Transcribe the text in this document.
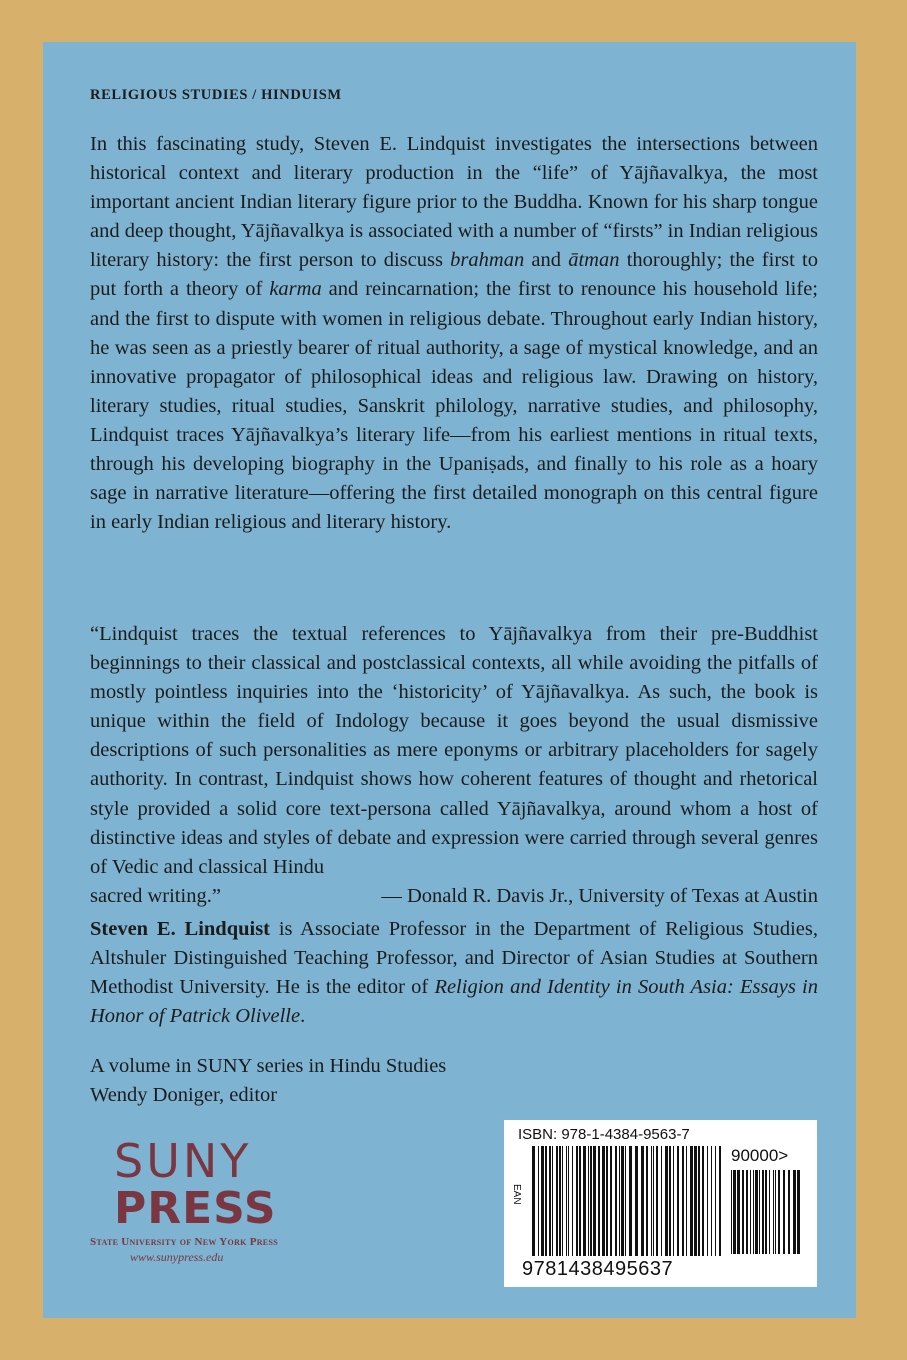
RELIGIOUS STUDIES / HINDUISM

In this fascinating study, Steven E. Lindquist investigates the intersections between historical context and literary production in the “life” of Yājñavalkya, the most important ancient Indian literary figure prior to the Buddha. Known for his sharp tongue and deep thought, Yājñavalkya is associated with a number of “firsts” in Indian religious literary history: the first person to discuss brahman and ātman thoroughly; the first to put forth a theory of karma and reincarnation; the first to renounce his household life; and the first to dispute with women in religious debate. Throughout early Indian history, he was seen as a priestly bearer of ritual authority, a sage of mystical knowledge, and an innovative propagator of philosophical ideas and religious law. Drawing on history, literary studies, ritual studies, Sanskrit philology, narrative studies, and philosophy, Lindquist traces Yājñavalkya’s literary life—from his earliest mentions in ritual texts, through his developing biography in the Upaniṣads, and finally to his role as a hoary sage in narrative literature—offering the first detailed monograph on this central figure in early Indian religious and literary history.

“Lindquist traces the textual references to Yājñavalkya from their pre-Buddhist beginnings to their classical and postclassical contexts, all while avoiding the pitfalls of mostly pointless inquiries into the ‘historicity’ of Yājñavalkya. As such, the book is unique within the field of Indology because it goes beyond the usual dismissive descriptions of such personalities as mere eponyms or arbitrary placeholders for sagely authority. In contrast, Lindquist shows how coherent features of thought and rhetorical style provided a solid core text-persona called Yājñavalkya, around whom a host of distinctive ideas and styles of debate and expression were carried through several genres of Vedic and classical Hindu

sacred writing.”	— Donald R. Davis Jr., University of Texas at Austin

Steven E. Lindquist is Associate Professor in the Department of Religious Studies, Altshuler Distinguished Teaching Professor, and Director of Asian Studies at Southern Methodist University. He is the editor of Religion and Identity in South Asia: Essays in Honor of Patrick Olivelle.

A volume in SUNY series in Hindu Studies
Wendy Doniger, editor
SUNY
PRESS
State University of New York Press
www.sunypress.edu
ISBN: 978-1-4384-9563-7
90000>
EAN
9781438495637
